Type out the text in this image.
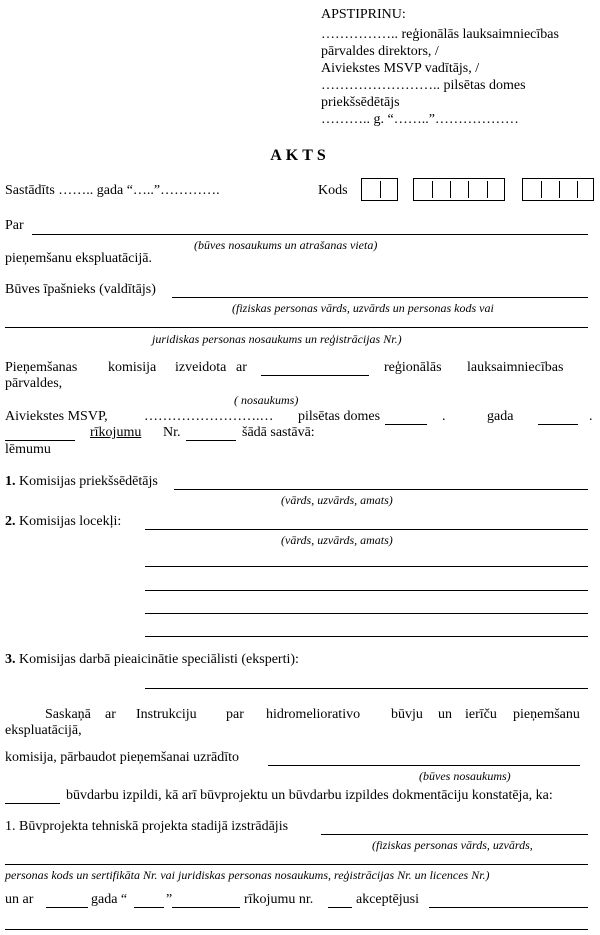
APSTIPRINU:
…………….. reģionālās lauksaimniecības
pārvaldes direktors, /
Aiviekstes MSVP vadītājs, /
…………………….. pilsētas domes
priekšsēdētājs
……….. g. “……..”………………
AKTS
Sastādīts …….. gada “…..”………….	Kods
Par
(būves nosaukums un atrašanas vieta)
pieņemšanu ekspluatācijā.
Būves īpašnieks (valdītājs)
(fiziskas personas vārds, uzvārds un personas kods vai
juridiskas personas nosaukums un reģistrācijas Nr.)
Pieņemšanas komisija izveidota ar	reģionālās lauksaimniecības
pārvaldes,
( nosaukums)
Aiviekstes MSVP,	…………………….… pilsētas domes	.	gada	.
rīkojumu Nr.	šādā sastāvā:
lēmumu
1. Komisijas priekšsēdētājs
(vārds, uzvārds, amats)
2. Komisijas locekļi:
(vārds, uzvārds, amats)
3. Komisijas darbā pieaicinātie speciālisti (eksperti):
Saskaņā ar Instrukciju par hidromeliorativo būvju un ierīču pieņemšanu
ekspluatācijā,
komisija, pārbaudot pieņemšanai uzrādīto
(būves nosaukums)
būvdarbu izpildi, kā arī būvprojektu un būvdarbu izpildes dokmentāciju konstatēja, ka:
1. Būvprojekta tehniskā projekta stadijā izstrādājis
(fiziskas personas vārds, uzvārds,
personas kods un sertifikāta Nr. vai juridiskas personas nosaukums, reģistrācijas Nr. un licences Nr.)
un ar	gada “	”	rīkojumu nr.	akceptējusi
